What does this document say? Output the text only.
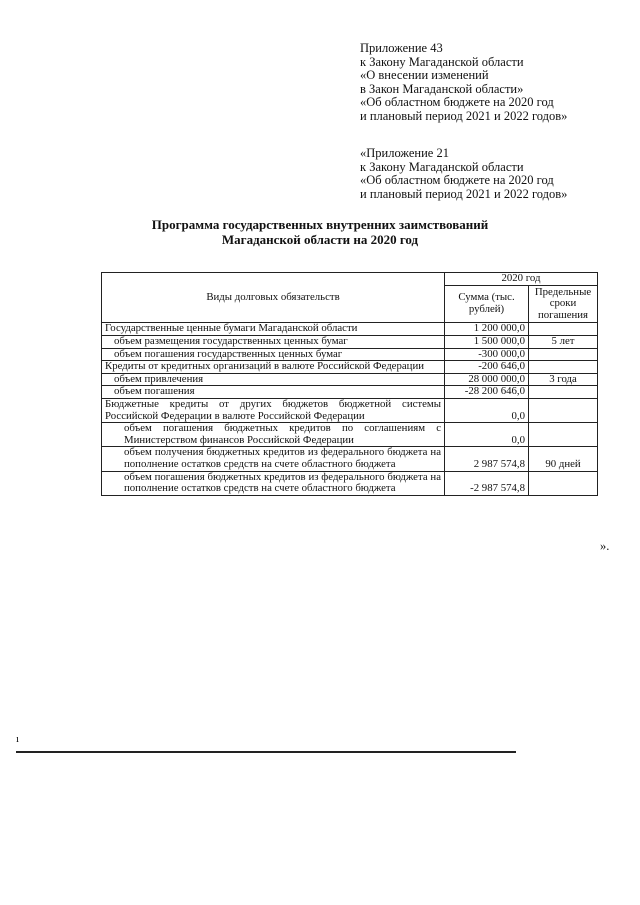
Приложение 43
к Закону Магаданской области
«О внесении изменений
в Закон Магаданской области»
«Об областном бюджете на 2020 год
и плановый период 2021 и 2022 годов»
«Приложение 21
к Закону Магаданской области
«Об областном бюджете на 2020 год
и плановый период 2021 и 2022 годов»
Программа государственных внутренних заимствований
Магаданской области на 2020 год
Виды долговых обязательств	2020 год	
	Сумма (тыс. рублей)	Предельные сроки погашения
Государственные ценные бумаги Магаданской области	1 200 000,0	
объем размещения государственных ценных бумаг	1 500 000,0	5 лет
объем погашения государственных ценных бумаг	-300 000,0	
Кредиты от кредитных организаций в валюте Российской Федерации	-200 646,0	
объем привлечения	28 000 000,0	3 года
объем погашения	-28 200 646,0	
Бюджетные кредиты от других бюджетов бюджетной системы Российской Федерации в валюте Российской Федерации	0,0	
объем погашения бюджетных кредитов по соглашениям с Министерством финансов Российской Федерации	0,0	
объем получения бюджетных кредитов из федерального бюджета на пополнение остатков средств на счете областного бюджета	2 987 574,8	90 дней
объем погашения бюджетных кредитов из федерального бюджета на пополнение остатков средств на счете областного бюджета	-2 987 574,8	
».
ı
